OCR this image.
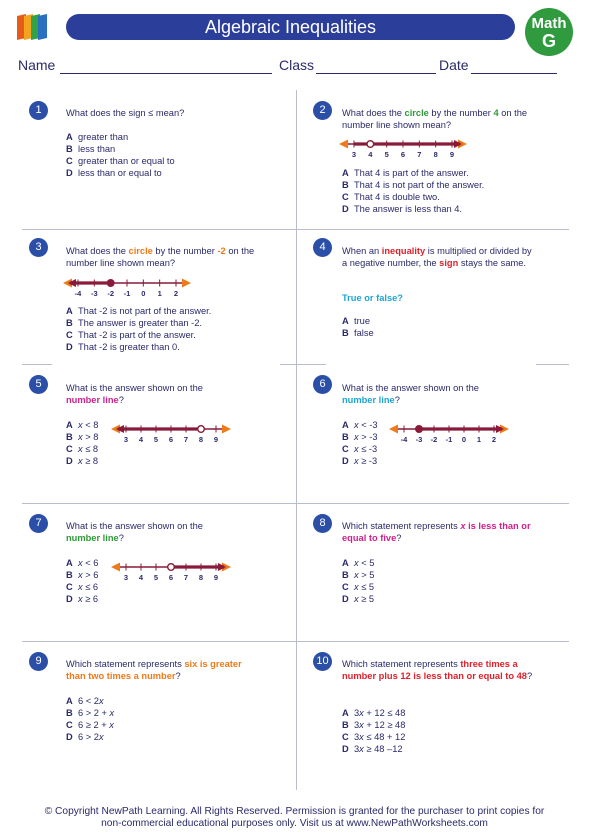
Algebraic Inequalities	Math
G
Name	Class	Date
1	What does the sign ≤ mean?
A greater than
B less than
C greater than or equal to
D less than or equal to
2	What does the circle by the number 4 on the number line shown mean?
3 4 5 6 7 8 9
A That 4 is part of the answer.
B That 4 is not part of the answer.
C That 4 is double two.
D The answer is less than 4.
3	What does the circle by the number -2 on the number line shown mean?
-4 -3 -2 -1 0 1 2
A That -2 is not part of the answer.
B The answer is greater than -2.
C That -2 is part of the answer.
D That -2 is greater than 0.
4	When an inequality is multiplied or divided by a negative number, the sign stays the same.
True or false?
A true
B false
5	What is the answer shown on the number line?
A x < 8
B x > 8
C x ≤ 8
D x ≥ 8
3 4 5 6 7 8 9
6	What is the answer shown on the number line?
A x < -3
B x > -3
C x ≤ -3
D x ≥ -3
-4 -3 -2 -1 0 1 2
7	What is the answer shown on the number line?
A x < 6
B x > 6
C x ≤ 6
D x ≥ 6
3 4 5 6 7 8 9
8	Which statement represents x is less than or equal to five?
A x < 5
B x > 5
C x ≤ 5
D x ≥ 5
9	Which statement represents six is greater than two times a number?
A 6 < 2x
B 6 > 2 + x
C 6 ≥ 2 + x
D 6 > 2x
10	Which statement represents three times a number plus 12 is less than or equal to 48?
A 3x + 12 ≤ 48
B 3x + 12 ≥ 48
C 3x ≤ 48 + 12
D 3x ≥ 48 –12
© Copyright NewPath Learning. All Rights Reserved. Permission is granted for the purchaser to print copies for
non-commercial educational purposes only. Visit us at www.NewPathWorksheets.com
